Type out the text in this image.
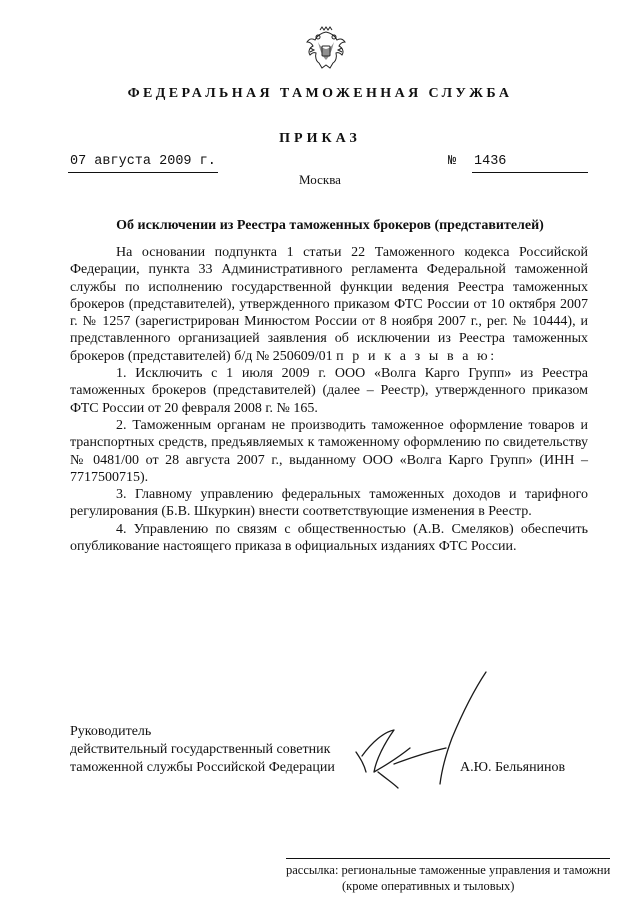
ФЕДЕРАЛЬНАЯ ТАМОЖЕННАЯ СЛУЖБА
ПРИКАЗ
07 августа 2009 г.	№ 1436
Москва
Об исключении из Реестра таможенных брокеров (представителей)

На основании подпункта 1 статьи 22 Таможенного кодекса Российской Федерации, пункта 33 Административного регламента Федеральной таможенной службы по исполнению государственной функции ведения Реестра таможенных брокеров (представителей), утвержденного приказом ФТС России от 10 октября 2007 г. № 1257 (зарегистрирован Минюстом России от 8 ноября 2007 г., рег. № 10444), и представленного организацией заявления об исключении из Реестра таможенных брокеров (представителей) б/д № 250609/01 п р и к а з ы в а ю:

1. Исключить с 1 июля 2009 г. ООО «Волга Карго Групп» из Реестра таможенных брокеров (представителей) (далее – Реестр), утвержденного приказом ФТС России от 20 февраля 2008 г. № 165.

2. Таможенным органам не производить таможенное оформление товаров и транспортных средств, предъявляемых к таможенному оформлению по свидетельству № 0481/00 от 28 августа 2007 г., выданному ООО «Волга Карго Групп» (ИНН – 7717500715).

3. Главному управлению федеральных таможенных доходов и тарифного регулирования (Б.В. Шкуркин) внести соответствующие изменения в Реестр.

4. Управлению по связям с общественностью (А.В. Смеляков) обеспечить опубликование настоящего приказа в официальных изданиях ФТС России.

Руководитель
действительный государственный советник
таможенной службы Российской Федерации	А.Ю. Бельянинов
рассылка: региональные таможенные управления и таможни
(кроме оперативных и тыловых)
